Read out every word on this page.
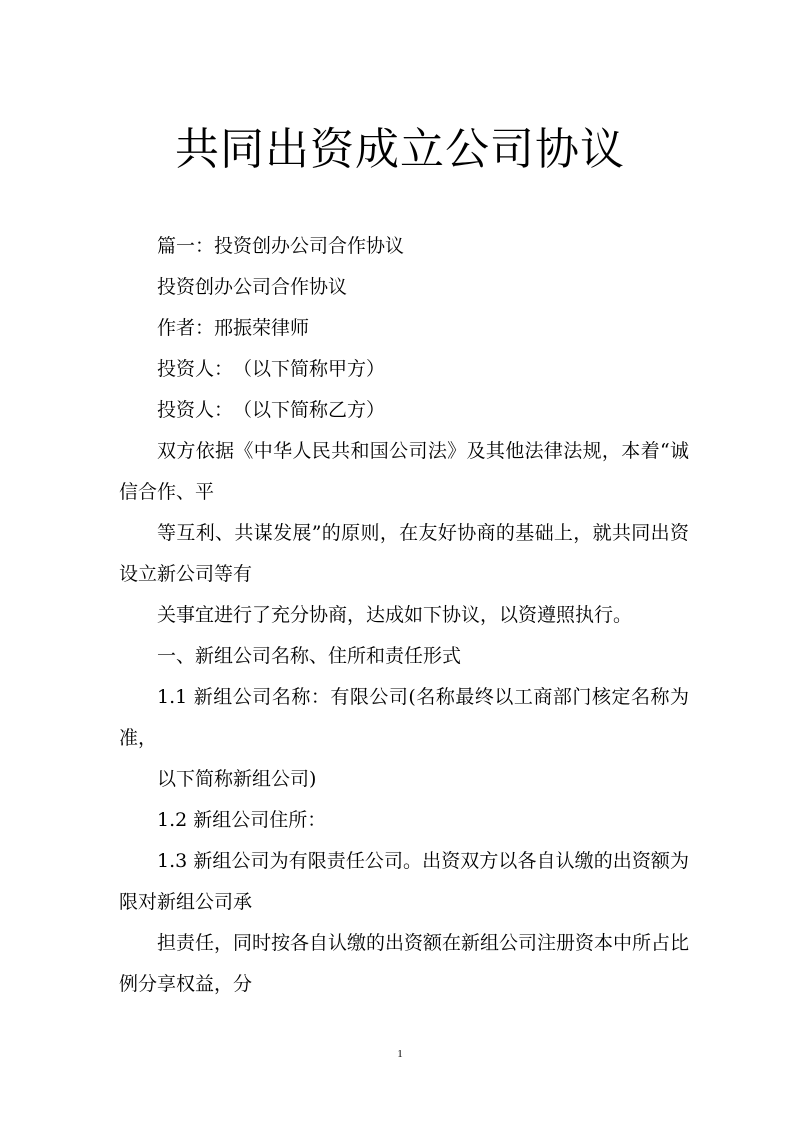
共同出资成立公司协议

篇一：投资创办公司合作协议

投资创办公司合作协议

作者：邢振荣律师

投资人：　（以下简称甲方）

投资人：　（以下简称乙方）

双方依据《中华人民共和国公司法》及其他法律法规，本着“诚信合作、平

等互利、共谋发展”的原则，在友好协商的基础上，就共同出资设立新公司等有

关事宜进行了充分协商，达成如下协议，以资遵照执行。

一、新组公司名称、住所和责任形式

1.1 新组公司名称：有限公司(名称最终以工商部门核定名称为准，

以下简称新组公司)

1.2 新组公司住所：

1.3 新组公司为有限责任公司。出资双方以各自认缴的出资额为限对新组公司承

担责任，同时按各自认缴的出资额在新组公司注册资本中所占比例分享权益，分

1
